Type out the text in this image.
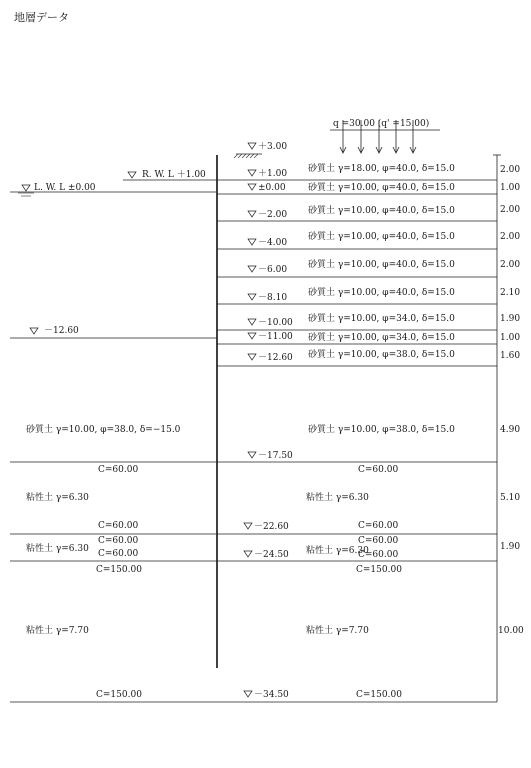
地層データ
q =30.00 (q' =15.00)
R. W. L ＋1.00
L. W. L ±0.00
－12.60
＋3.00
＋1.00 砂質土 γ=18.00, φ=40.0, δ=15.0
±0.00 砂質土 γ=10.00, φ=40.0, δ=15.0
－2.00 砂質土 γ=10.00, φ=40.0, δ=15.0
－4.00
砂質土 γ=10.00, φ=40.0, δ=15.0
－6.00 砂質土 γ=10.00, φ=40.0, δ=15.0
－8.10 砂質土 γ=10.00, φ=40.0, δ=15.0
－10.00 砂質土 γ=10.00, φ=34.0, δ=15.0
－11.00 砂質土 γ=10.00, φ=34.0, δ=15.0
－12.60 砂質土 γ=10.00, φ=38.0, δ=15.0
砂質土 γ=10.00, φ=38.0, δ=15.0
－17.50
C=60.00
粘性土 γ=6.30
C=60.00
－22.60
C=60.00
粘性土 γ=6.30
C=60.00
－24.50
C=150.00
粘性土 γ=7.70
－34.50	C=150.00
砂質土 γ=10.00, φ=38.0, δ=−15.0
C=60.00
粘性土 γ=6.30
C=60.00
C=60.00
粘性土 γ=6.30 C=60.00
C=150.00
粘性土 γ=7.70
C=150.00
2.00
1.00
2.00
2.00
2.00
2.10
1.90
1.00
1.60
4.90
5.10
1.90
10.00
